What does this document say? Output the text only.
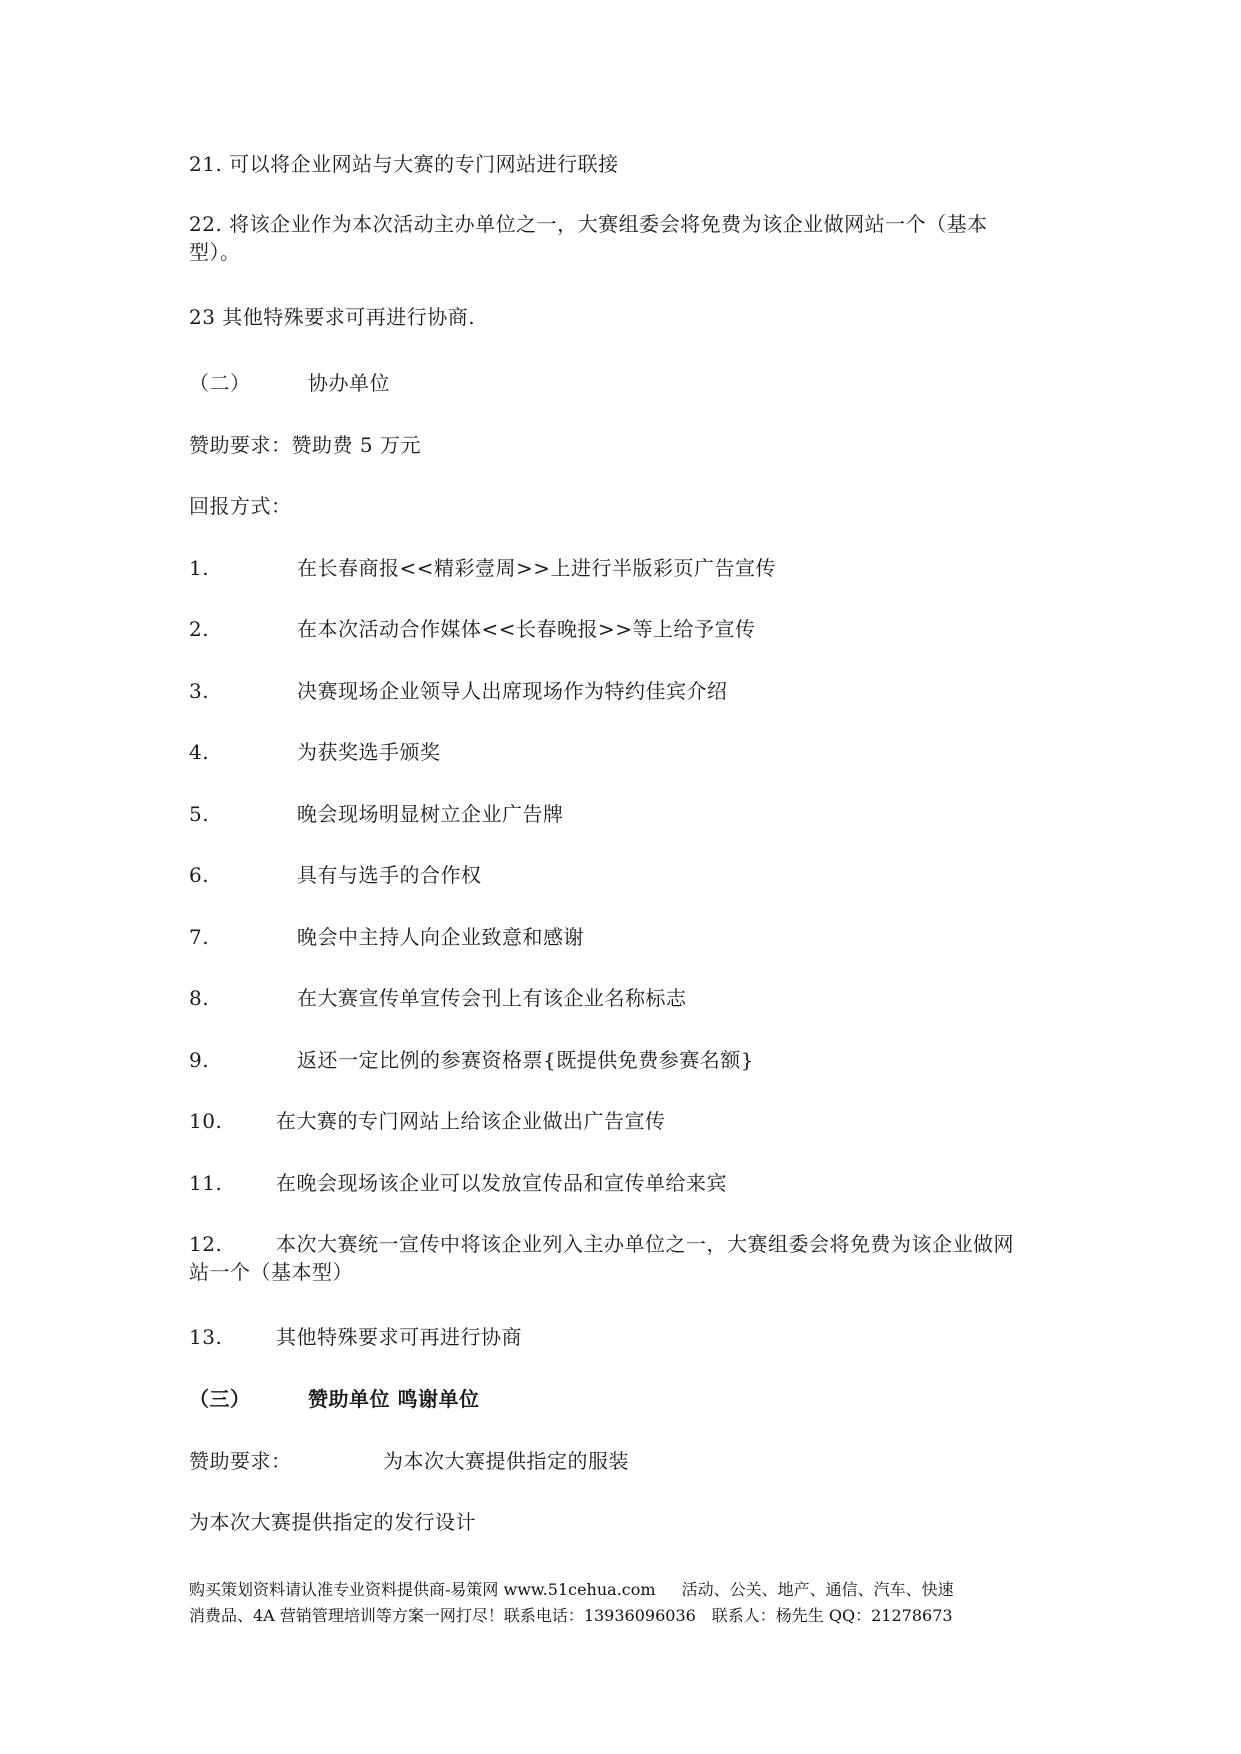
21. 可以将企业网站与大赛的专门网站进行联接
22. 将该企业作为本次活动主办单位之一，大赛组委会将免费为该企业做网站一个（基本
型）。
23 其他特殊要求可再进行协商.
（二）	协办单位
赞助要求：赞助费 5 万元
回报方式：
1.	在长春商报<<精彩壹周>>上进行半版彩页广告宣传
2.	在本次活动合作媒体<<长春晚报>>等上给予宣传
3.	决赛现场企业领导人出席现场作为特约佳宾介绍
4.	为获奖选手颁奖
5.	晚会现场明显树立企业广告牌
6.	具有与选手的合作权
7.	晚会中主持人向企业致意和感谢
8.	在大赛宣传单宣传会刊上有该企业名称标志
9.	返还一定比例的参赛资格票{既提供免费参赛名额}
10.	在大赛的专门网站上给该企业做出广告宣传
11.	在晚会现场该企业可以发放宣传品和宣传单给来宾
12.	本次大赛统一宣传中将该企业列入主办单位之一，大赛组委会将免费为该企业做网
站一个（基本型）
13.	其他特殊要求可再进行协商
（三）	赞助单位 鸣谢单位
赞助要求：	为本次大赛提供指定的服装
为本次大赛提供指定的发行设计
购买策划资料请认准专业资料提供商-易策网 www.51cehua.com 活动、公关、地产、通信、汽车、快速
消费品、4A 营销管理培训等方案一网打尽！联系电话：13936096036　联系人：杨先生 QQ：21278673
